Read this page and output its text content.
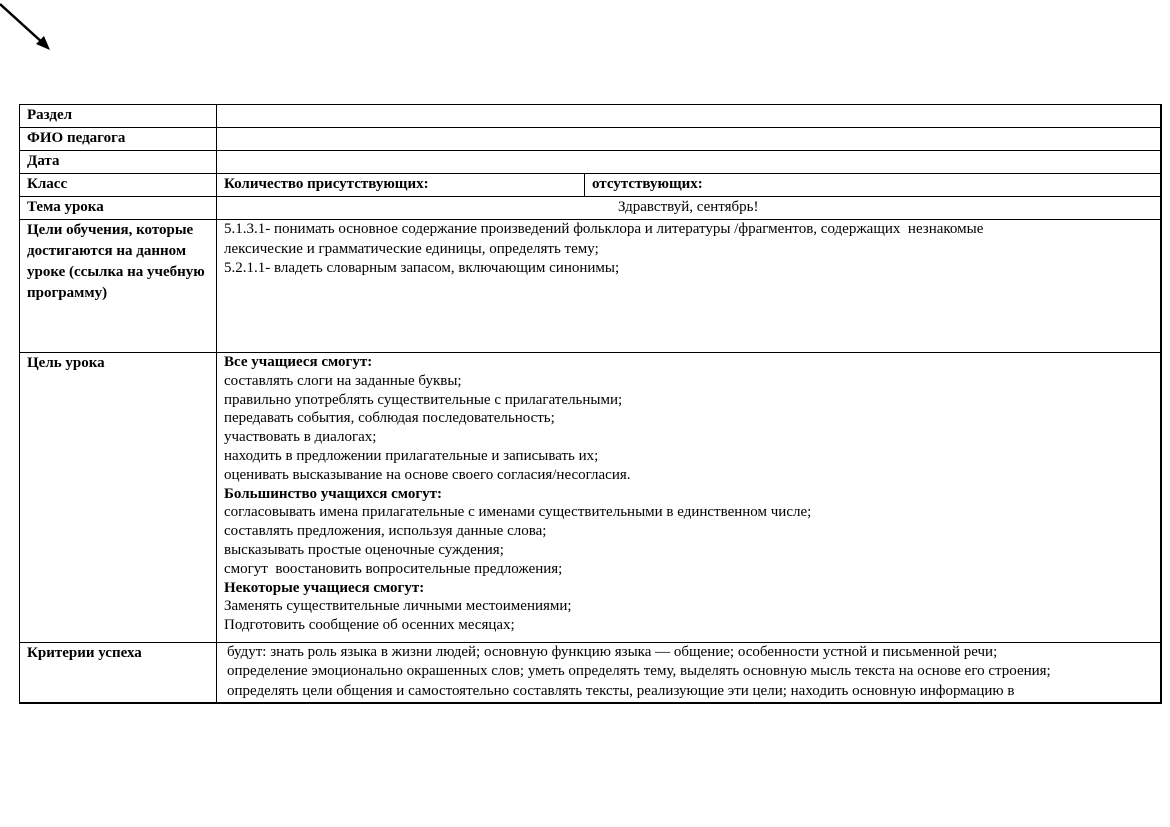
Раздел		
ФИО педагога		
Дата		
Класс	Количество присутствующих:	отсутствующих:
Тема урока	Здравствуй, сентябрь!	
Цели обучения, которые достигаются на данном уроке (ссылка на учебную программу)	5.1.3.1- понимать основное содержание произведений фольклора и литературы /фрагментов, содержащих  незнакомые
лексические и грамматические единицы, определять тему;
5.2.1.1- владеть словарным запасом, включающим синонимы;	

Цель урока	Все учащиеся смогут:
составлять слоги на заданные буквы;
правильно употреблять существительные с прилагательными;
передавать события, соблюдая последовательность;
участвовать в диалогах;
находить в предложении прилагательные и записывать их;
оценивать высказывание на основе своего согласия/несогласия.
Большинство учащихся смогут:
согласовывать имена прилагательные с именами существительными в единственном числе;
составлять предложения, используя данные слова;
высказывать простые оценочные суждения;
смогут  воостановить вопросительные предложения;
Некоторые учащиеся смогут:
Заменять существительные личными местоимениями;
Подготовить сообщение об осенних месяцах;

Критерии успеха	будут: знать роль языка в жизни людей; основную функцию языка — общение; особенности устной и письменной речи;
определение эмоционально окрашенных слов; уметь определять тему, выделять основную мысль текста на основе его строения;
определять цели общения и самостоятельно составлять тексты, реализующие эти цели; находить основную информацию в	
